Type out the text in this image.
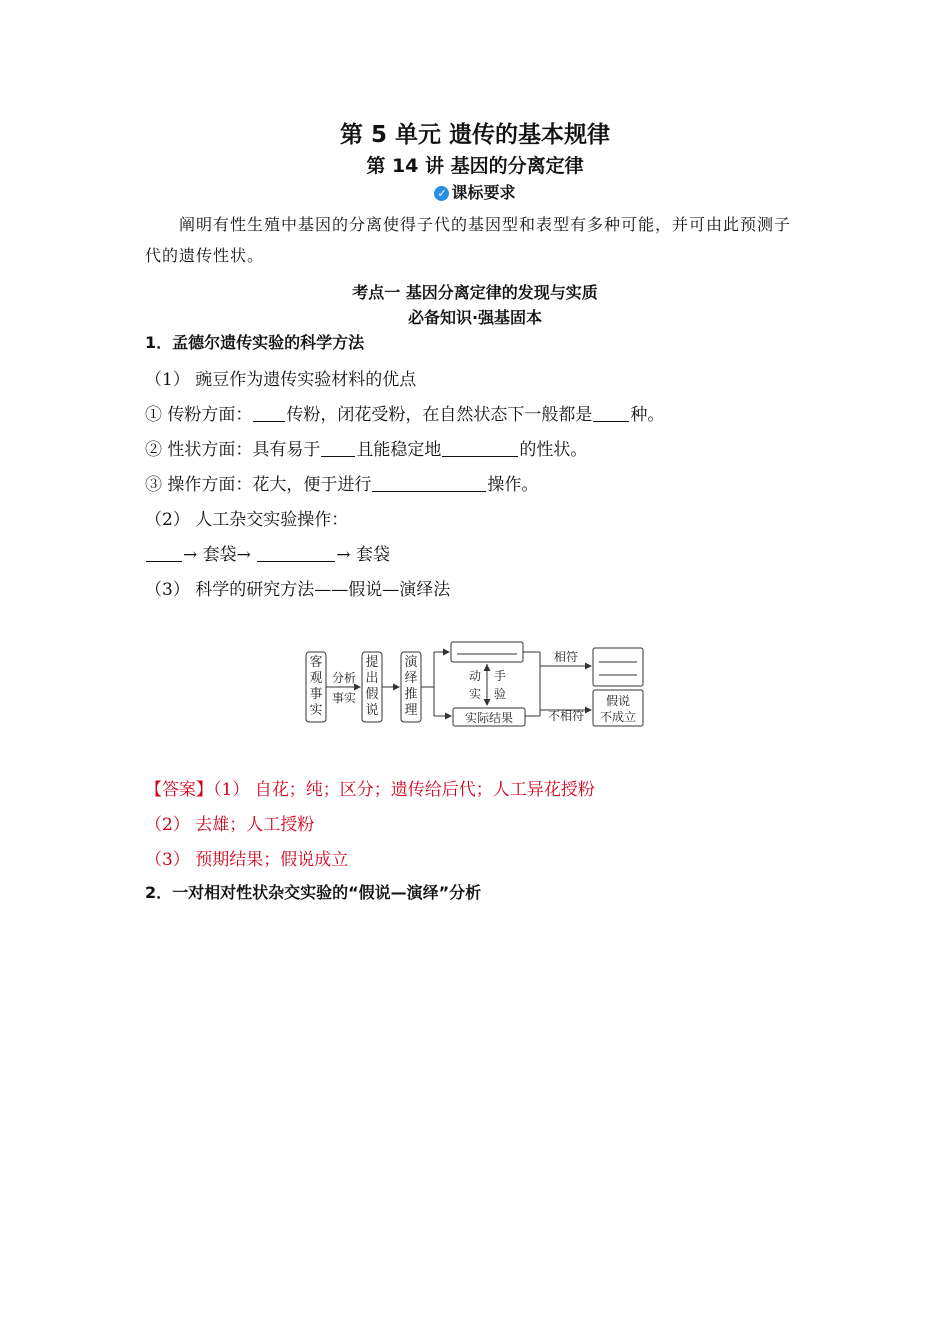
第 5 单元 遗传的基本规律
第 14 讲 基因的分离定律
✓ 课标要求
阐明有性生殖中基因的分离使得子代的基因型和表型有多种可能，并可由此预测子代的遗传性状。
考点一 基因分离定律的发现与实质
必备知识·强基固本
1．孟德尔遗传实验的科学方法
（1） 豌豆作为遗传实验材料的优点
① 传粉方面： 传粉，闭花受粉，在自然状态下一般都是 种。
② 性状方面：具有易于 且能稳定地	的性状。
③ 操作方面：花大，便于进行	操作。
（2） 人工杂交实验操作：
→ 套袋→	→ 套袋
（3） 科学的研究方法——假说—演绎法
客
观
事
实
分析
事实
提
出
假
说
演
绎
推
理
动 手
实 验
实际结果
相符
不相符
假说
不成立
【答案】（1） 自花；纯；区分；遗传给后代；人工异花授粉
（2） 去雄；人工授粉
（3） 预期结果；假说成立
2．一对相对性状杂交实验的“假说—演绎”分析
